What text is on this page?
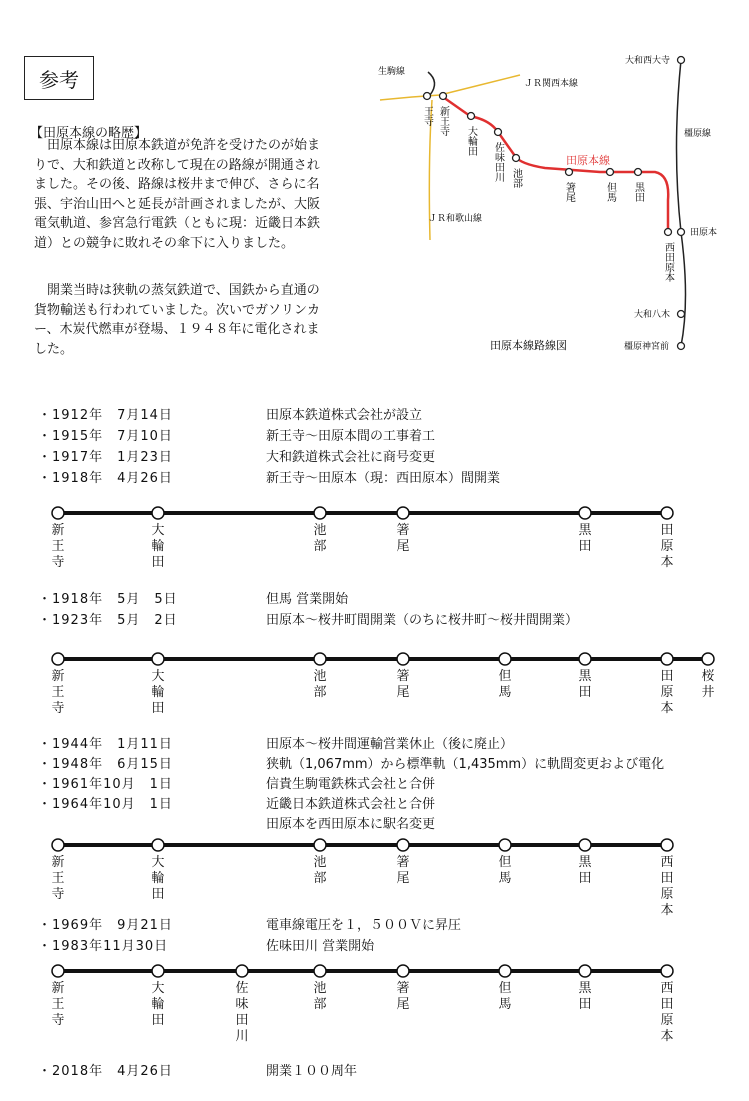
参考
【田原本線の略歴】
田原本線は田原本鉄道が免許を受けたのが始まりで、大和鉄道と改称して現在の路線が開通されました。その後、路線は桜井まで伸び、さらに名張、宇治山田へと延長が計画されましたが、大阪電気軌道、参宮急行電鉄（ともに現：近畿日本鉄道）との競争に敗れその傘下に入りました。
開業当時は狭軌の蒸気鉄道で、国鉄から直通の貨物輸送も行われていました。次いでガソリンカー、木炭代燃車が登場、１９４８年に電化されました。
生駒線
ＪＲ関西本線
田原本線
ＪＲ和歌山線
橿原線
大和西大寺
田原本
大和八木
橿原神宮前
王寺 新王寺
大輪田
佐味田川 池部
箸尾	但馬 黒田
西田原本
田原本線路線図
・1912年　7月14日	田原本鉄道株式会社が設立
・1915年　7月10日	新王寺～田原本間の工事着工
・1917年　1月23日	大和鉄道株式会社に商号変更
・1918年　4月26日	新王寺～田原本（現：西田原本）間開業
新
王
寺
大
輪
田
池
部
箸
尾
黒
田
田
原
本
・1918年　5月　5日	但馬 営業開始
・1923年　5月　2日	田原本～桜井町間開業（のちに桜井町～桜井間開業）
新
王
寺
大
輪
田
池
部
箸
尾
但
馬
黒
田
田
原
本
桜
井
・1944年　1月11日	田原本～桜井間運輸営業休止（後に廃止）
・1948年　6月15日	狭軌（1,067mm）から標準軌（1,435mm）に軌間変更および電化
・1961年10月　1日	信貴生駒電鉄株式会社と合併
・1964年10月　1日	近畿日本鉄道株式会社と合併
田原本を西田原本に駅名変更
新
王
寺
大
輪
田
池
部
箸
尾
但
馬
黒
田
西
田
原
本
・1969年　9月21日	電車線電圧を１，５００Ｖに昇圧
・1983年11月30日	佐味田川 営業開始
新
王
寺
大
輪
田
佐
味
田
川
池
部
箸
尾
但
馬
黒
田
西
田
原
本
・2018年　4月26日	開業１００周年
